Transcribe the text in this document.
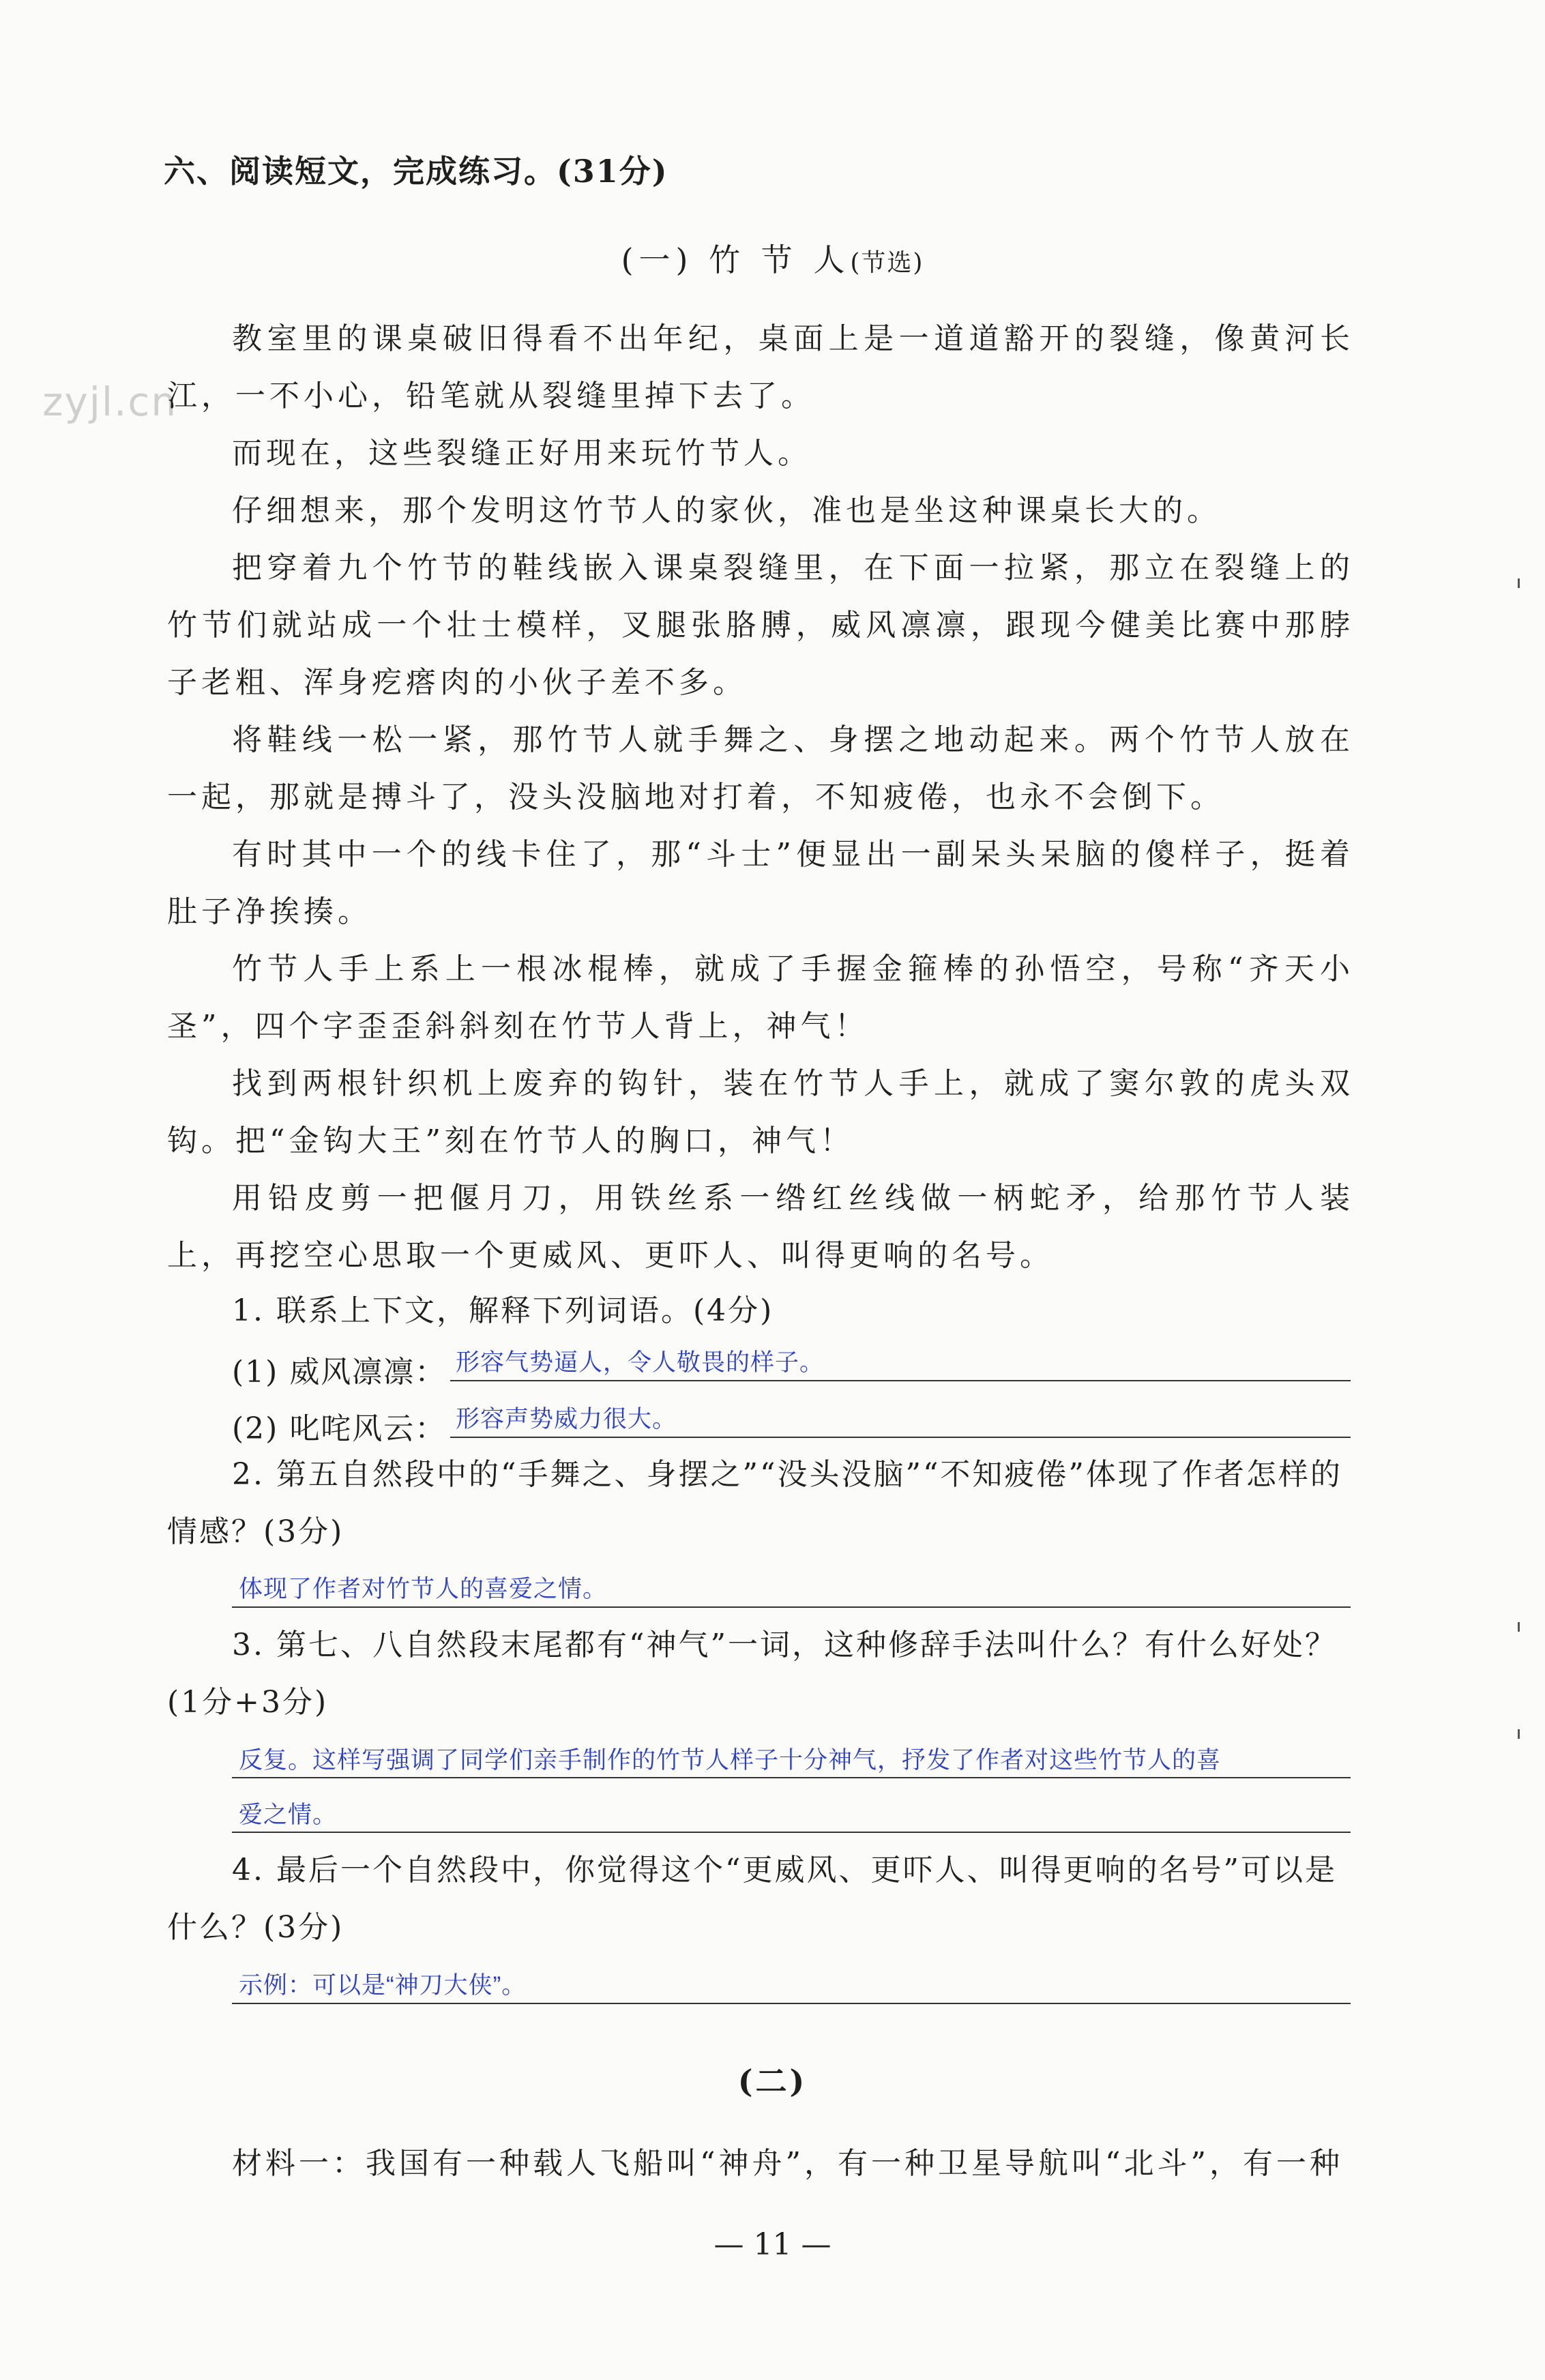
六、阅读短文，完成练习。(31分)
(一) 竹 节 人(节选)
zyjl.cn
教室里的课桌破旧得看不出年纪，桌面上是一道道豁开的裂缝，像黄河长江，一不小心，铅笔就从裂缝里掉下去了。
而现在，这些裂缝正好用来玩竹节人。
仔细想来，那个发明这竹节人的家伙，准也是坐这种课桌长大的。
把穿着九个竹节的鞋线嵌入课桌裂缝里，在下面一拉紧，那立在裂缝上的竹节们就站成一个壮士模样，叉腿张胳膊，威风凛凛，跟现今健美比赛中那脖子老粗、浑身疙瘩肉的小伙子差不多。
将鞋线一松一紧，那竹节人就手舞之、身摆之地动起来。两个竹节人放在一起，那就是搏斗了，没头没脑地对打着，不知疲倦，也永不会倒下。
有时其中一个的线卡住了，那“斗士”便显出一副呆头呆脑的傻样子，挺着肚子净挨揍。
竹节人手上系上一根冰棍棒，就成了手握金箍棒的孙悟空，号称“齐天小圣”，四个字歪歪斜斜刻在竹节人背上，神气！
找到两根针织机上废弃的钩针，装在竹节人手上，就成了窦尔敦的虎头双钩。把“金钩大王”刻在竹节人的胸口，神气！
用铅皮剪一把偃月刀，用铁丝系一绺红丝线做一柄蛇矛，给那竹节人装上，再挖空心思取一个更威风、更吓人、叫得更响的名号。
1. 联系上下文，解释下列词语。(4分)
(1) 威风凛凛： 形容气势逼人，令人敬畏的样子。
(2) 叱咤风云： 形容声势威力很大。
2. 第五自然段中的“手舞之、身摆之”“没头没脑”“不知疲倦”体现了作者怎样的情感？(3分)
体现了作者对竹节人的喜爱之情。
3. 第七、八自然段末尾都有“神气”一词，这种修辞手法叫什么？有什么好处？(1分+3分)
反复。这样写强调了同学们亲手制作的竹节人样子十分神气，抒发了作者对这些竹节人的喜
爱之情。
4. 最后一个自然段中，你觉得这个“更威风、更吓人、叫得更响的名号”可以是什么？(3分)
示例：可以是“神刀大侠”。
(二)
材料一：我国有一种载人飞船叫“神舟”，有一种卫星导航叫“北斗”，有一种
— 11 —
